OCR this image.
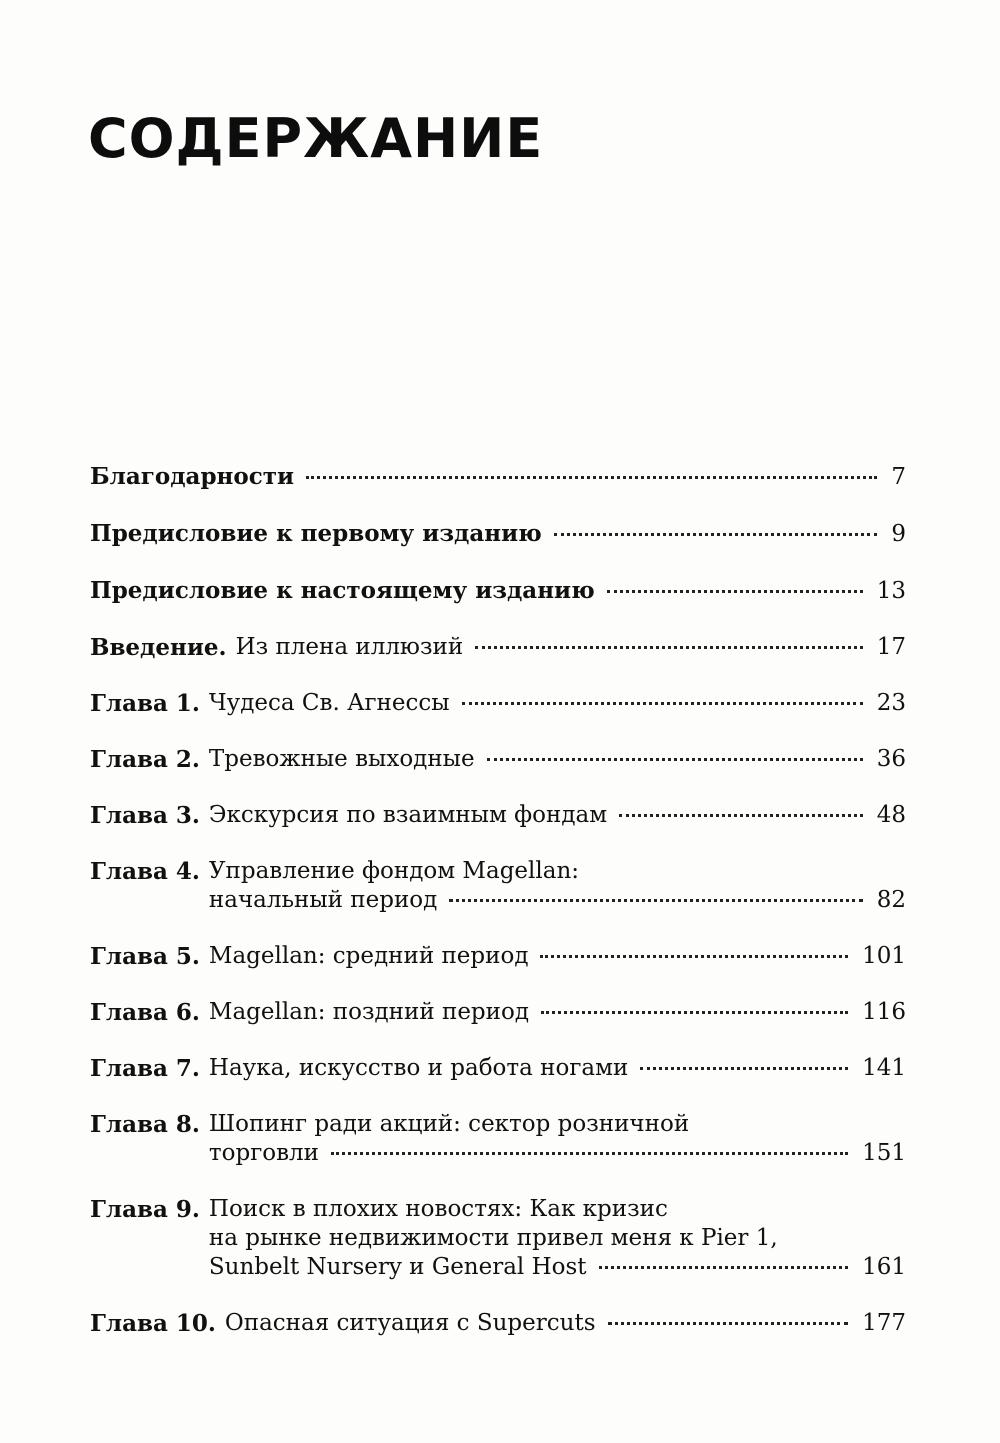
СОДЕРЖАНИЕ
Благодарности	7
Предисловие к первому изданию	9
Предисловие к настоящему изданию	13
Введение. Из плена иллюзий	17
Глава 1. Чудеса Св. Агнессы	23
Глава 2. Тревожные выходные	36
Глава 3. Экскурсия по взаимным фондам	48
Глава 4. Управление фондом Magellan:
начальный период	82
Глава 5. Magellan: средний период	101
Глава 6. Magellan: поздний период	116
Глава 7. Наука, искусство и работа ногами	141
Глава 8. Шопинг ради акций: сектор розничной
торговли	151
Глава 9. Поиск в плохих новостях: Как кризис
на рынке недвижимости привел меня к Pier 1,
Sunbelt Nursery и General Host	161
Глава 10. Опасная ситуация с Supercuts	177
